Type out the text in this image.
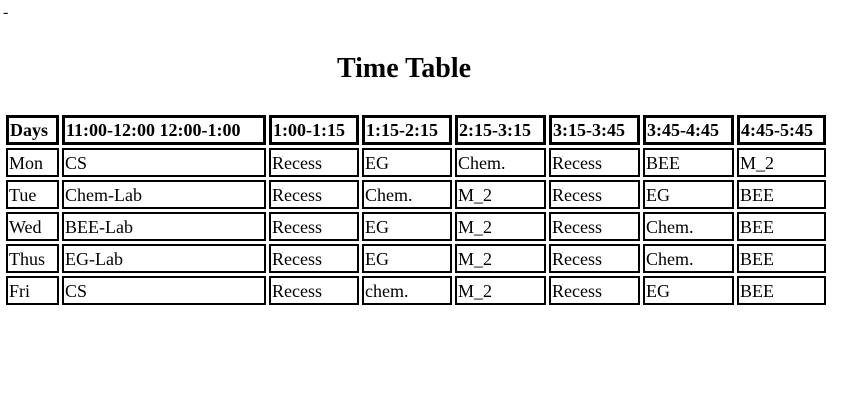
-
Time Table
Days	11:00-12:00 12:00-1:00	1:00-1:15	1:15-2:15	2:15-3:15	3:15-3:45	3:45-4:45	4:45-5:45
Mon	CS	Recess	EG	Chem.	Recess	BEE	M_2
Tue	Chem-Lab	Recess	Chem.	M_2	Recess	EG	BEE
Wed	BEE-Lab	Recess	EG	M_2	Recess	Chem.	BEE
Thus	EG-Lab	Recess	EG	M_2	Recess	Chem.	BEE
Fri	CS	Recess	chem.	M_2	Recess	EG	BEE
